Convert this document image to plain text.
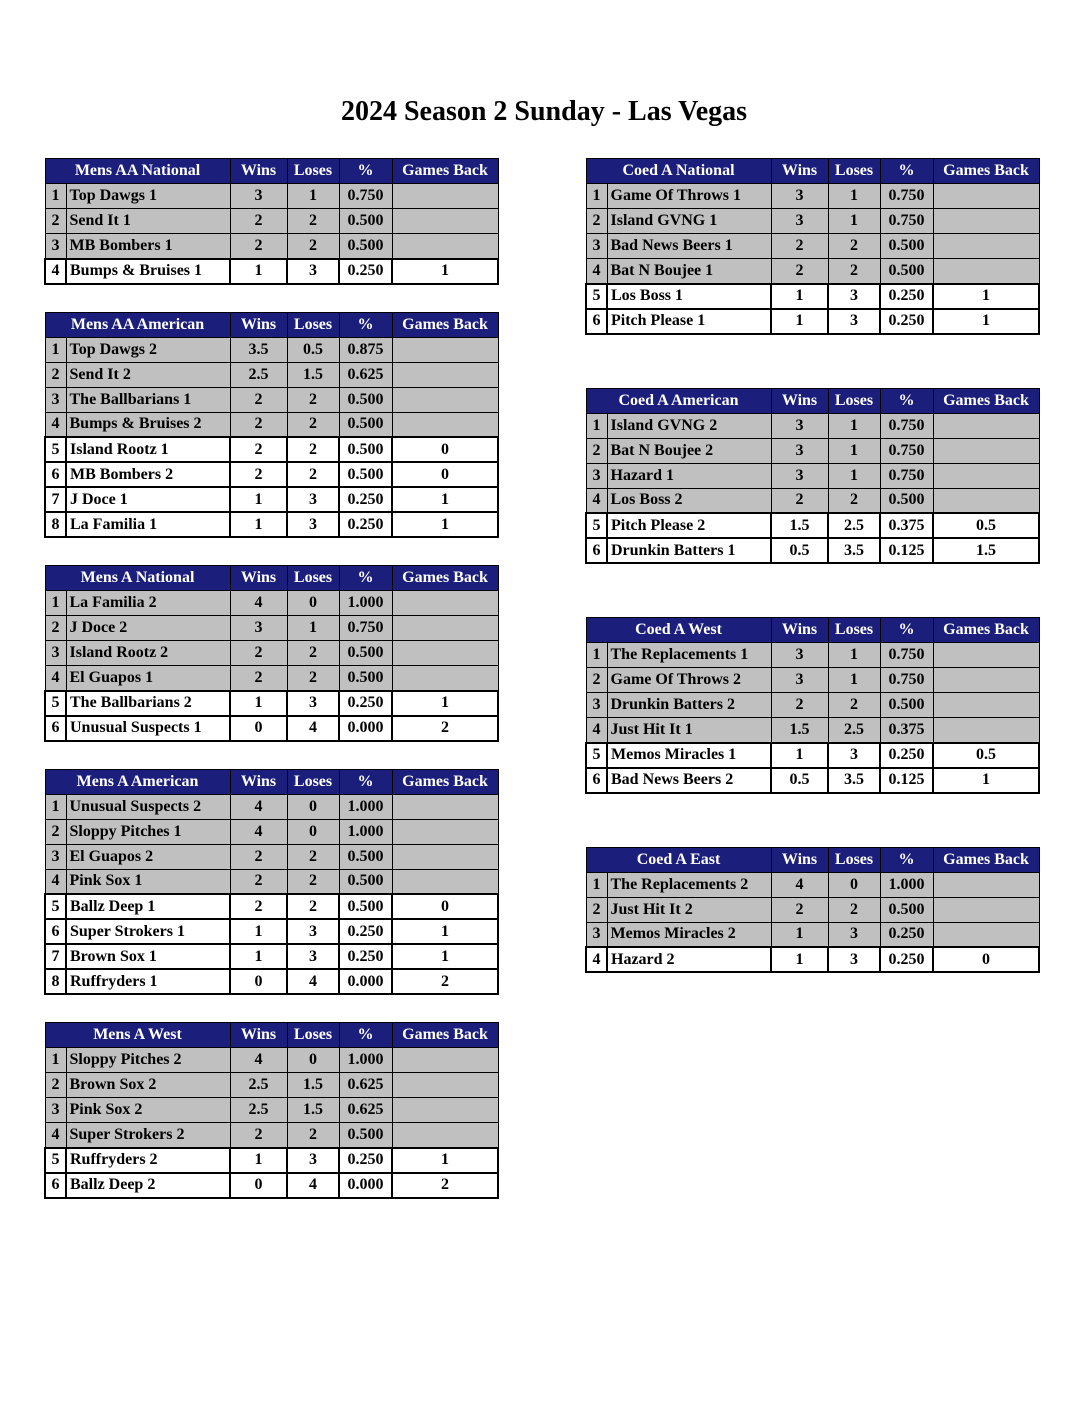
2024 Season 2 Sunday - Las Vegas
Mens AA National		Wins	Loses	%	Games Back
1	Top Dawgs 1	3	1	0.750	
2	Send It 1	2	2	0.500	
3	MB Bombers 1	2	2	0.500	
4	Bumps & Bruises 1	1	3	0.250	1
Mens AA American		Wins	Loses	%	Games Back
1	Top Dawgs 2	3.5	0.5	0.875	
2	Send It 2	2.5	1.5	0.625	
3	The Ballbarians 1	2	2	0.500	
4	Bumps & Bruises 2	2	2	0.500	
5	Island Rootz 1	2	2	0.500	0
6	MB Bombers 2	2	2	0.500	0
7	J Doce 1	1	3	0.250	1
8	La Familia 1	1	3	0.250	1
Mens A National		Wins	Loses	%	Games Back
1	La Familia 2	4	0	1.000	
2	J Doce 2	3	1	0.750	
3	Island Rootz 2	2	2	0.500	
4	El Guapos 1	2	2	0.500	
5	The Ballbarians 2	1	3	0.250	1
6	Unusual Suspects 1	0	4	0.000	2
Mens A American		Wins	Loses	%	Games Back
1	Unusual Suspects 2	4	0	1.000	
2	Sloppy Pitches 1	4	0	1.000	
3	El Guapos 2	2	2	0.500	
4	Pink Sox 1	2	2	0.500	
5	Ballz Deep 1	2	2	0.500	0
6	Super Strokers 1	1	3	0.250	1
7	Brown Sox 1	1	3	0.250	1
8	Ruffryders 1	0	4	0.000	2
Mens A West		Wins	Loses	%	Games Back
1	Sloppy Pitches 2	4	0	1.000	
2	Brown Sox 2	2.5	1.5	0.625	
3	Pink Sox 2	2.5	1.5	0.625	
4	Super Strokers 2	2	2	0.500	
5	Ruffryders 2	1	3	0.250	1
6	Ballz Deep 2	0	4	0.000	2
Coed A National		Wins	Loses	%	Games Back
1	Game Of Throws 1	3	1	0.750	
2	Island GVNG 1	3	1	0.750	
3	Bad News Beers 1	2	2	0.500	
4	Bat N Boujee 1	2	2	0.500	
5	Los Boss 1	1	3	0.250	1
6	Pitch Please 1	1	3	0.250	1
Coed A American		Wins	Loses	%	Games Back
1	Island GVNG 2	3	1	0.750	
2	Bat N Boujee 2	3	1	0.750	
3	Hazard 1	3	1	0.750	
4	Los Boss 2	2	2	0.500	
5	Pitch Please 2	1.5	2.5	0.375	0.5
6	Drunkin Batters 1	0.5	3.5	0.125	1.5
Coed A West		Wins	Loses	%	Games Back
1	The Replacements 1	3	1	0.750	
2	Game Of Throws 2	3	1	0.750	
3	Drunkin Batters 2	2	2	0.500	
4	Just Hit It 1	1.5	2.5	0.375	
5	Memos Miracles 1	1	3	0.250	0.5
6	Bad News Beers 2	0.5	3.5	0.125	1
Coed A East		Wins	Loses	%	Games Back
1	The Replacements 2	4	0	1.000	
2	Just Hit It 2	2	2	0.500	
3	Memos Miracles 2	1	3	0.250	
4	Hazard 2	1	3	0.250	0
